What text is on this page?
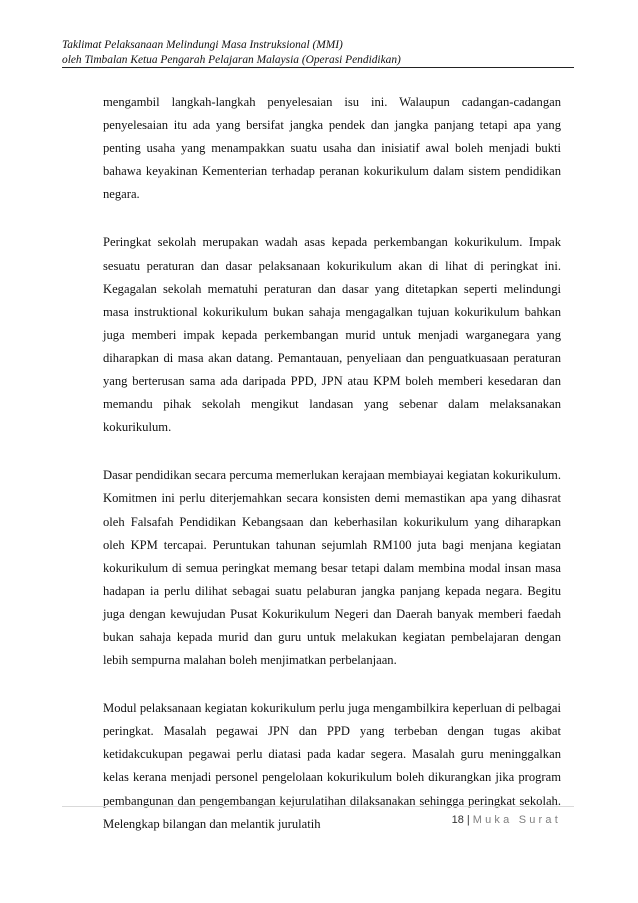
Taklimat Pelaksanaan Melindungi Masa Instruksional (MMI)
oleh Timbalan Ketua Pengarah Pelajaran Malaysia (Operasi Pendidikan)

mengambil langkah-langkah penyelesaian isu ini. Walaupun cadangan-cadangan penyelesaian itu ada yang bersifat jangka pendek dan jangka panjang tetapi apa yang penting usaha yang menampakkan suatu usaha dan inisiatif awal boleh menjadi bukti bahawa keyakinan Kementerian terhadap peranan kokurikulum dalam sistem pendidikan negara.

Peringkat sekolah merupakan wadah asas kepada perkembangan kokurikulum. Impak sesuatu peraturan dan dasar pelaksanaan kokurikulum akan di lihat di peringkat ini. Kegagalan sekolah mematuhi peraturan dan dasar yang ditetapkan seperti melindungi masa instruktional kokurikulum bukan sahaja mengagalkan tujuan kokurikulum bahkan juga memberi impak kepada perkembangan murid untuk menjadi warganegara yang diharapkan di masa akan datang. Pemantauan, penyeliaan dan penguatkuasaan peraturan yang berterusan sama ada daripada PPD, JPN atau KPM boleh memberi kesedaran dan memandu pihak sekolah mengikut landasan yang sebenar dalam melaksanakan kokurikulum.

Dasar pendidikan secara percuma memerlukan kerajaan membiayai kegiatan kokurikulum. Komitmen ini perlu diterjemahkan secara konsisten demi memastikan apa yang dihasrat oleh Falsafah Pendidikan Kebangsaan dan keberhasilan kokurikulum yang diharapkan oleh KPM tercapai. Peruntukan tahunan sejumlah RM100 juta bagi menjana kegiatan kokurikulum di semua peringkat memang besar tetapi dalam membina modal insan masa hadapan ia perlu dilihat sebagai suatu pelaburan jangka panjang kepada negara. Begitu juga dengan kewujudan Pusat Kokurikulum Negeri dan Daerah banyak memberi faedah bukan sahaja kepada murid dan guru untuk melakukan kegiatan pembelajaran dengan lebih sempurna malahan boleh menjimatkan perbelanjaan.

Modul pelaksanaan kegiatan kokurikulum perlu juga mengambilkira keperluan di pelbagai peringkat. Masalah pegawai JPN dan PPD yang terbeban dengan tugas akibat ketidakcukupan pegawai perlu diatasi pada kadar segera. Masalah guru meninggalkan kelas kerana menjadi personel pengelolaan kokurikulum boleh dikurangkan jika program pembangunan dan pengembangan kejurulatihan dilaksanakan sehingga peringkat sekolah. Melengkap bilangan dan melantik jurulatih	18 | Muka Surat
